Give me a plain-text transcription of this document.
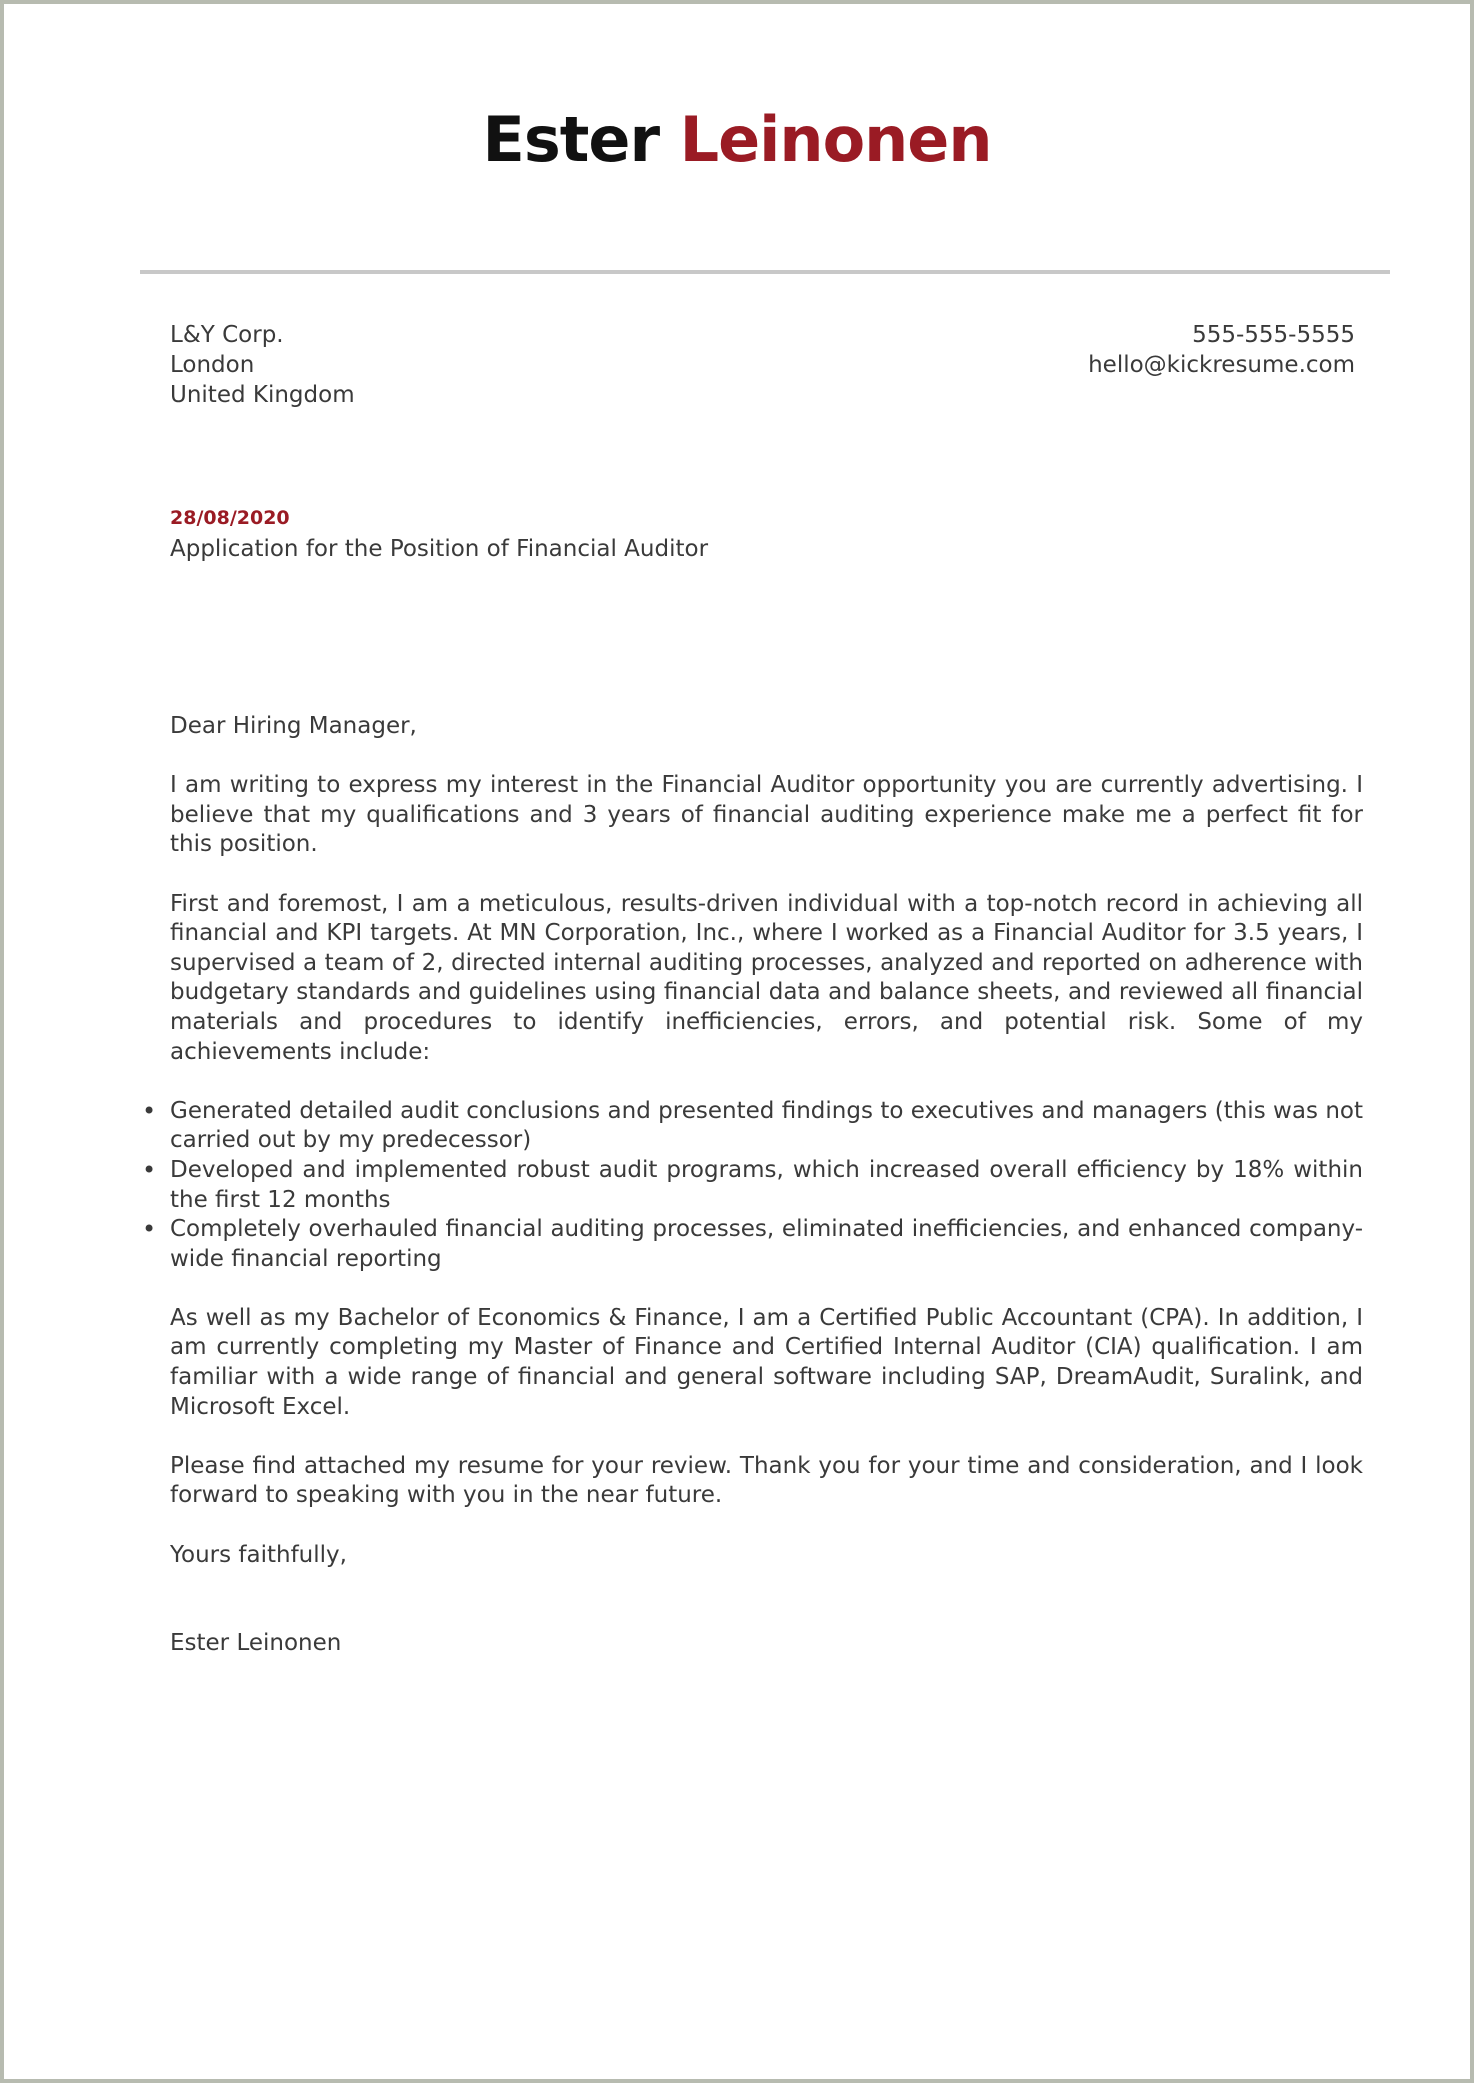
Ester Leinonen
L&Y Corp.
London
United Kingdom
555-555-5555
hello@kickresume.com
28/08/2020
Application for the Position of Financial Auditor

Dear Hiring Manager,

I am writing to express my interest in the Financial Auditor opportunity you are currently advertising. I believe that my qualifications and 3 years of financial auditing experience make me a perfect fit for this position.

First and foremost, I am a meticulous, results-driven individual with a top-notch record in achieving all financial and KPI targets. At MN Corporation, Inc., where I worked as a Financial Auditor for 3.5 years, I supervised a team of 2, directed internal auditing processes, analyzed and reported on adherence with budgetary standards and guidelines using financial data and balance sheets, and reviewed all financial materials and procedures to identify inefficiencies, errors, and potential risk. Some of my achievements include:

• Generated detailed audit conclusions and presented findings to executives and managers (this was not carried out by my predecessor)
• Developed and implemented robust audit programs, which increased overall efficiency by 18% within the first 12 months
• Completely overhauled financial auditing processes, eliminated inefficiencies, and enhanced company-wide financial reporting

As well as my Bachelor of Economics & Finance, I am a Certified Public Accountant (CPA). In addition, I am currently completing my Master of Finance and Certified Internal Auditor (CIA) qualification. I am familiar with a wide range of financial and general software including SAP, DreamAudit, Suralink, and Microsoft Excel.

Please find attached my resume for your review. Thank you for your time and consideration, and I look forward to speaking with you in the near future.

Yours faithfully,

Ester Leinonen
